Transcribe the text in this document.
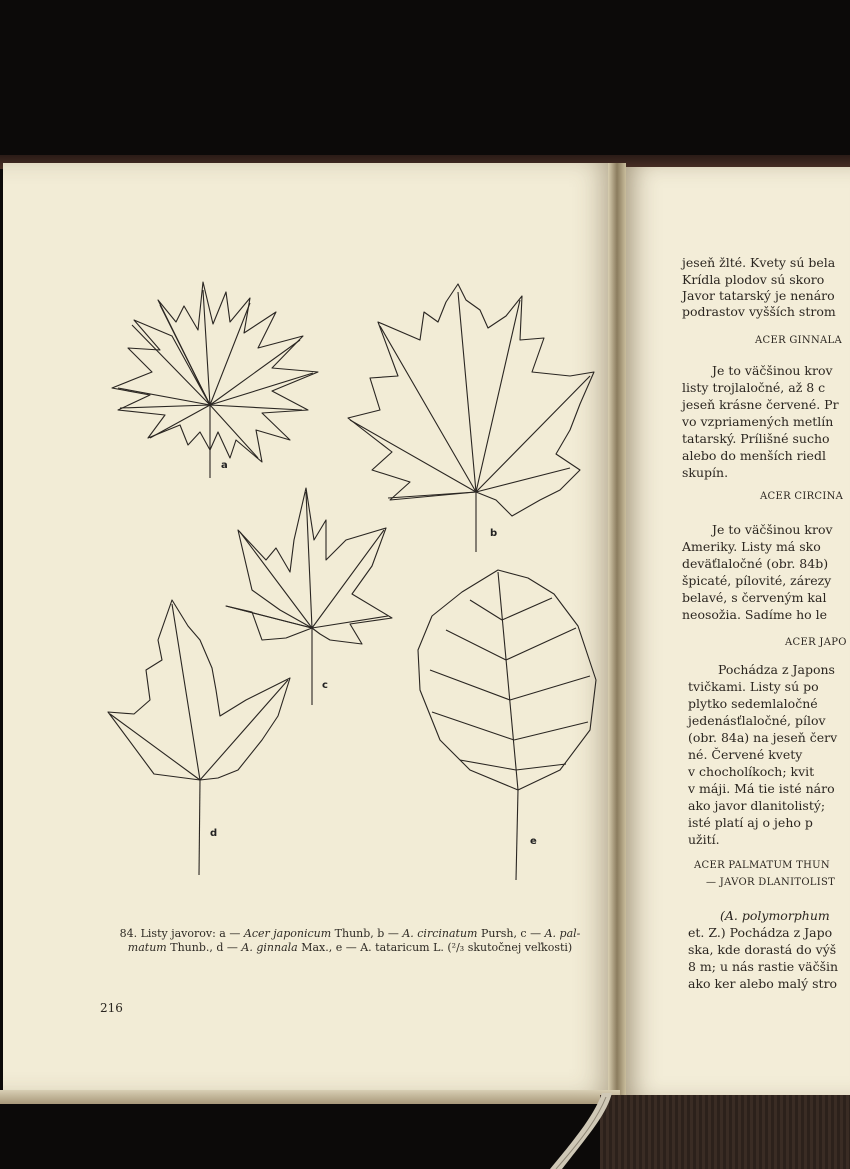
jeseň žlté. Kvety sú bela
Krídla plodov sú skoro
Javor tatarský je nenáro
podrastov vyšších strom
ACER GINNALA
Je to väčšinou krov
listy trojlaločné, až 8 c
jeseň krásne červené. Pr
vo vzpriamených metlín
tatarský. Prílišné sucho
alebo do menších riedl
skupín.
ACER CIRCINA
Je to väčšinou krov
Ameriky. Listy má sko
deväťlaločné (obr. 84b)
špicaté, pílovité, zárezy
belavé, s červeným kal
neosožia. Sadíme ho le
ACER JAPO
Pochádza z Japons
tvičkami. Listy sú po
plytko sedemlaločné
jedenásťlaločné, pílov
(obr. 84a) na jeseň červ
né. Červené kvety
v chocholíkoch; kvit
v máji. Má tie isté náro
ako javor dlanitolistý;
isté platí aj o jeho p
užití.
ACER PALMATUM THUN
— JAVOR DLANITOLIST
(A. polymorphum
et. Z.) Pochádza z Japo
ska, kde dorastá do výš
8 m; u nás rastie väčšin
ako ker alebo malý stro
a
b
c
d
e
84. Listy javorov: a — Acer japonicum Thunb, b — A. circinatum Pursh, c — A. pal-
matum Thunb., d — A. ginnala Max., e — A. tataricum L. (²/₃ skutočnej veľkosti)
216
